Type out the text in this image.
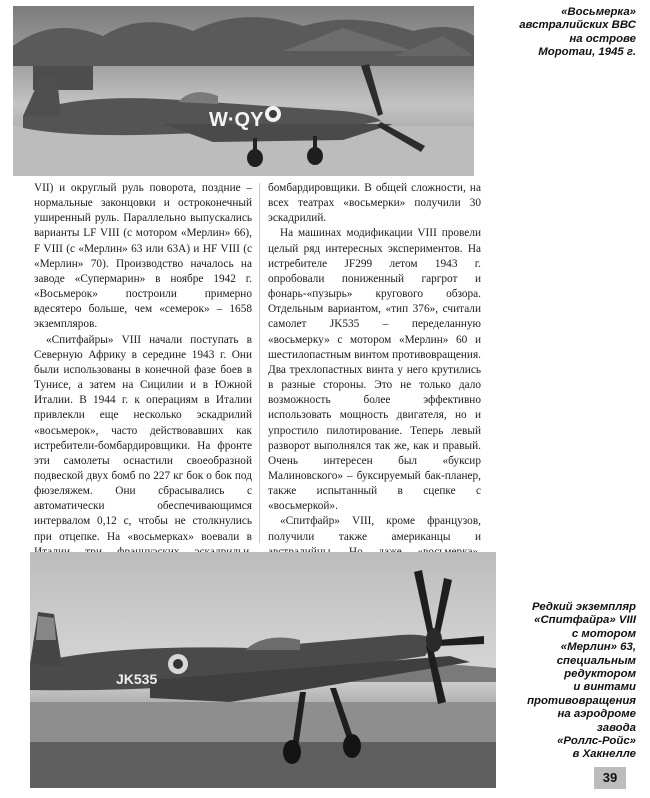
W·QY
«Восьмерка»
австралийских ВВС
на острове
Моротаи, 1945 г.

VII) и округлый руль поворота, поздние – нормальные законцовки и остроконечный уширенный руль. Параллельно выпускались варианты LF VIII (с мотором «Мерлин» 66), F VIII (с «Мерлин» 63 или 63А) и HF VIII (с «Мерлин» 70). Производство началось на заводе «Супермарин» в ноябре 1942 г. «Восьмерок» построили примерно вдесятеро больше, чем «семерок» – 1658 экземпляров.

«Спитфайры» VIII начали поступать в Северную Африку в середине 1943 г. Они были использованы в конечной фазе боев в Тунисе, а затем на Сицилии и в Южной Италии. В 1944 г. к операциям в Италии привлекли еще несколько эскадрилий «восьмерок», часто действовавших как истребители-бомбардировщики. На фронте эти самолеты оснастили своеобразной подвеской двух бомб по 227 кг бок о бок под фюзеляжем. Они сбрасывались с автоматически обеспечивающимся интервалом 0,12 с, чтобы не столкнулись при отцепке. На «восьмерках» воевали в

бомбардировщики. В общей сложности, на всех театрах «восьмерки» получили 30 эскадрилий.

На машинах модификации VIII провели целый ряд интересных экспериментов. На истребителе JF299 летом 1943 г. опробовали пониженный гаргрот и фонарь-«пузырь» кругового обзора. Отдельным вариантом, «тип 376», считали самолет JK535 – переделанную «восьмерку» с мотором «Мерлин» 60 и шестилопастным винтом противовращения. Два трехлопастных винта у него крутились в разные стороны. Это не только дало возможность более эффективно использовать мощность двигателя, но и упростило пилотирование. Теперь левый разворот выполнялся так же, как и правый. Очень интересен был «буксир Малиновского» – буксируемый бак-планер, также испытанный в сцепке с «восьмеркой».

«Спитфайр» VIII, кроме французов, получили также американцы и

JK535
Редкий экземпляр
«Спитфайра» VIII
с мотором
«Мерлин» 63,
специальным
редуктором
и винтами
противовращения
на аэродроме
завода
«Роллс-Ройс»
в Хакнелле
39
